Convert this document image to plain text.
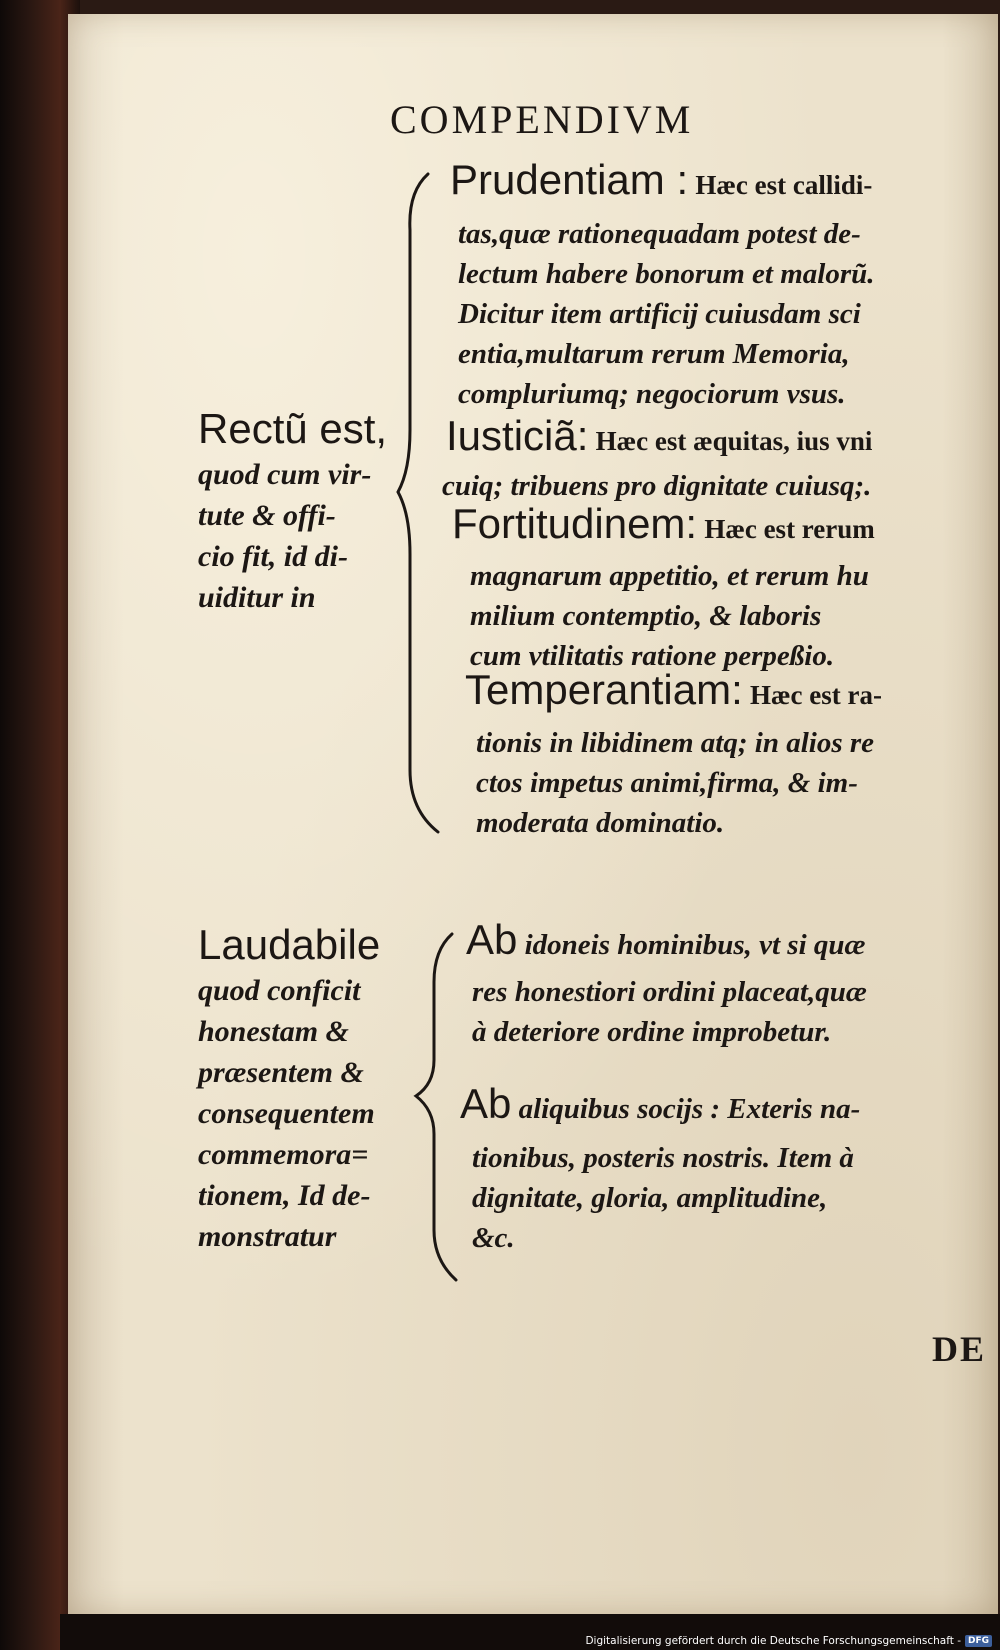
COMPENDIVM

Rectũ est,
quod cum vir-
tute & offi-
cio fit, id di-
uiditur in

Prudentiam : Hæc est callidi-

tas,quæ rationequadam potest de-
lectum habere bonorum et malorũ.
Dicitur item artificij cuiusdam sci
entia,multarum rerum Memoria,
compluriumq; negociorum vsus.

Iusticiã: Hæc est æquitas, ius vni

cuiq; tribuens pro dignitate cuiusq;.

Fortitudinem: Hæc est rerum

magnarum appetitio, et rerum hu
milium contemptio, & laboris
cum vtilitatis ratione perpeßio.

Temperantiam: Hæc est ra-

tionis in libidinem atq; in alios re
ctos impetus animi,firma, & im-
moderata dominatio.

Laudabile
quod conficit
honestam &
præsentem &
consequentem
commemora=
tionem, Id de-
monstratur

Ab idoneis hominibus, vt si quæ

res honestiori ordini placeat,quæ
à deteriore ordine improbetur.

Ab aliquibus socijs : Exteris na-

tionibus, posteris nostris. Item à
dignitate, gloria, amplitudine,
&c.

DE

Digitalisierung gefördert durch die Deutsche Forschungsgemeinschaft - DFG
